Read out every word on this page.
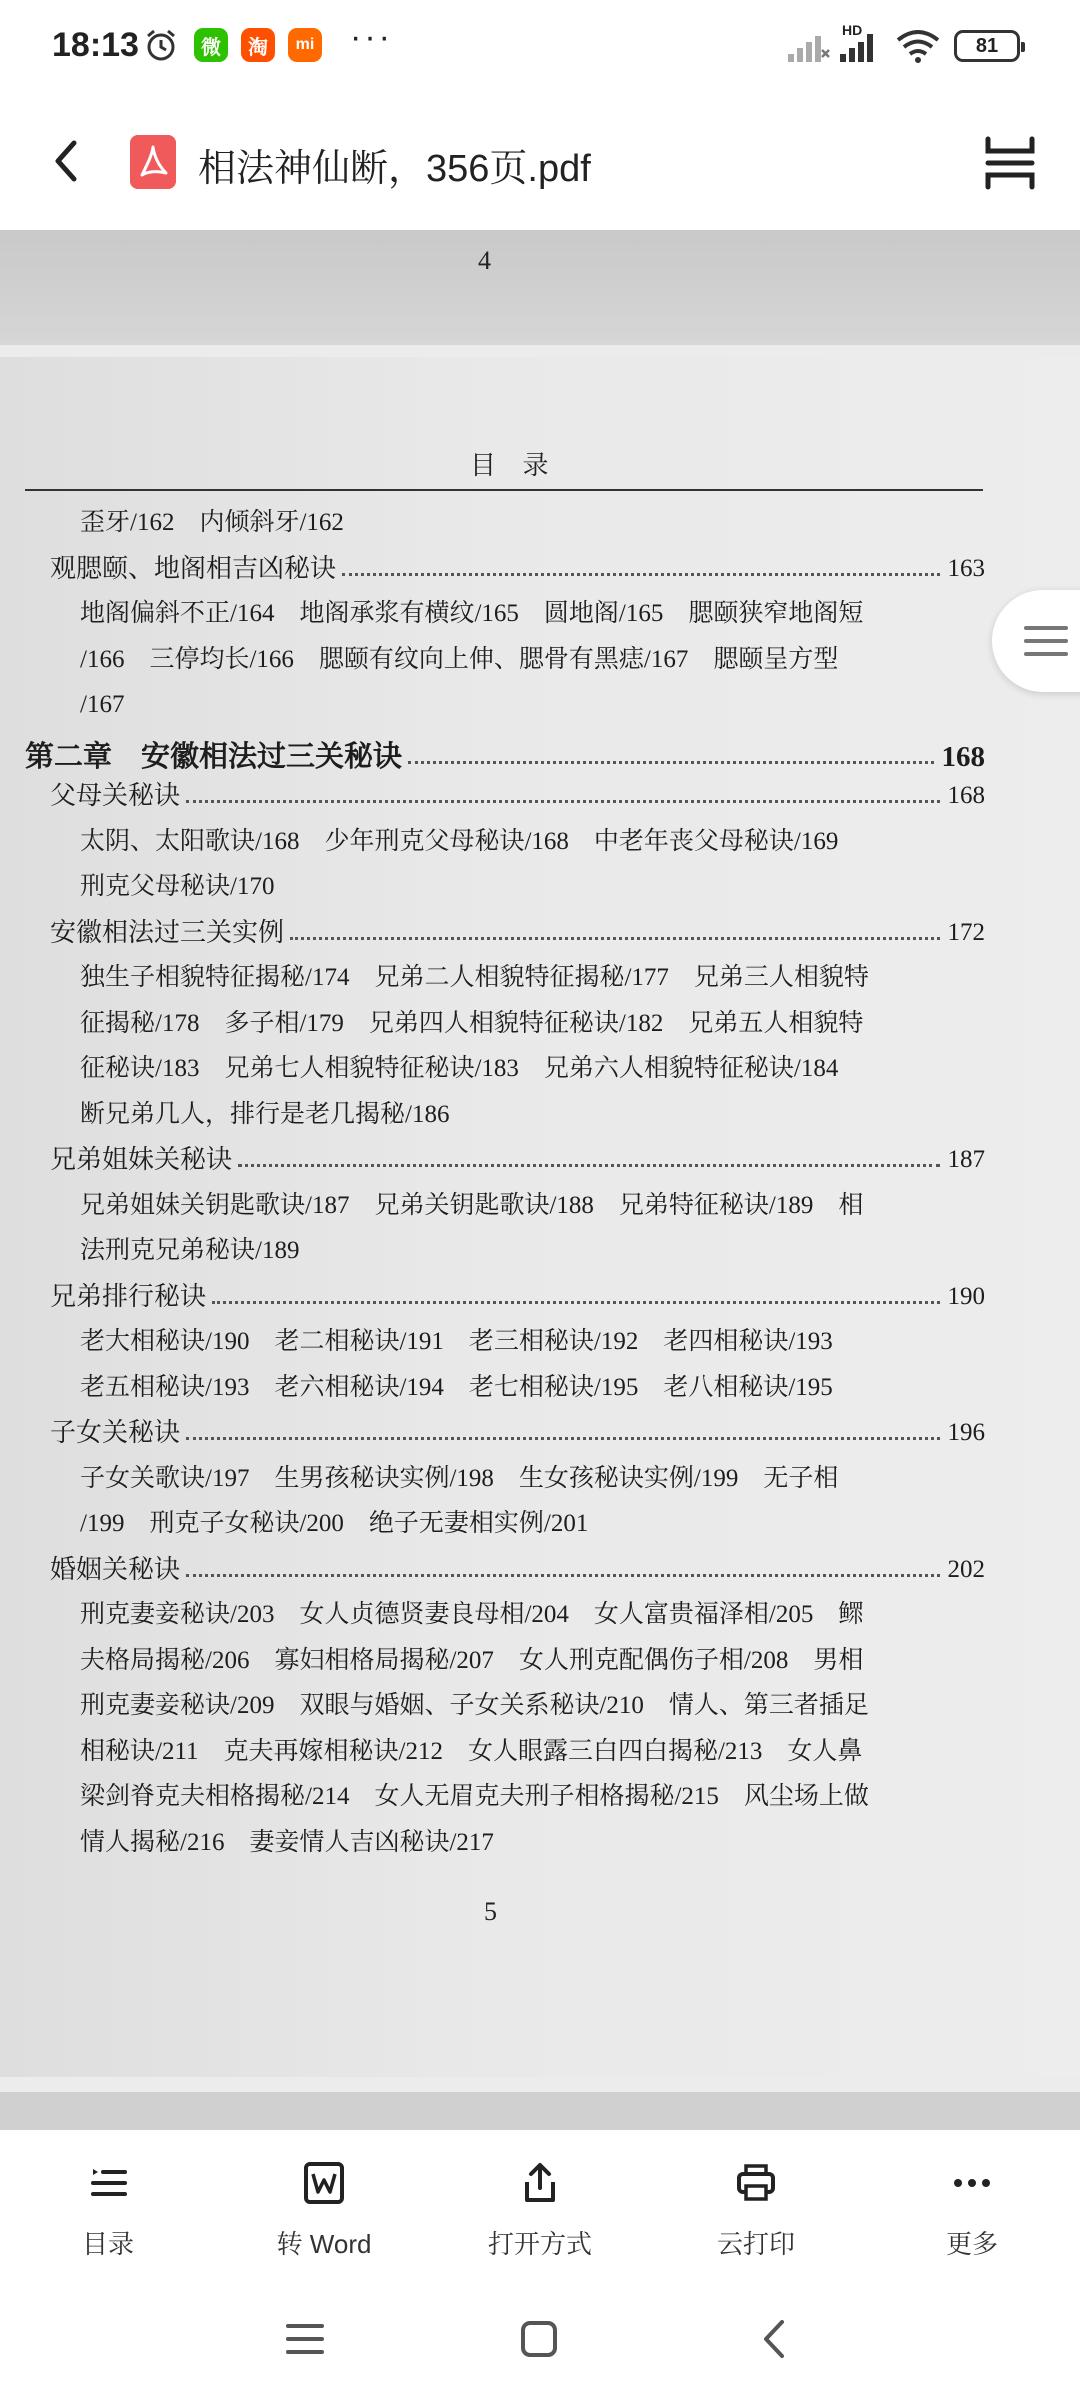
18:13	微	淘	mi ···	HD
81
相法神仙断，356页.pdf
4
目 录
歪牙/162　内倾斜牙/162
观腮颐、地阁相吉凶秘诀	163
地阁偏斜不正/164　地阁承浆有横纹/165　圆地阁/165　腮颐狭窄地阁短
/166　三停均长/166　腮颐有纹向上伸、腮骨有黑痣/167　腮颐呈方型
/167
第二章　安徽相法过三关秘诀	168
父母关秘诀	168
太阴、太阳歌诀/168　少年刑克父母秘诀/168　中老年丧父母秘诀/169
刑克父母秘诀/170
安徽相法过三关实例	172
独生子相貌特征揭秘/174　兄弟二人相貌特征揭秘/177　兄弟三人相貌特
征揭秘/178　多子相/179　兄弟四人相貌特征秘诀/182　兄弟五人相貌特
征秘诀/183　兄弟七人相貌特征秘诀/183　兄弟六人相貌特征秘诀/184
断兄弟几人，排行是老几揭秘/186
兄弟姐妹关秘诀	187
兄弟姐妹关钥匙歌诀/187　兄弟关钥匙歌诀/188　兄弟特征秘诀/189　相
法刑克兄弟秘诀/189
兄弟排行秘诀	190
老大相秘诀/190　老二相秘诀/191　老三相秘诀/192　老四相秘诀/193
老五相秘诀/193　老六相秘诀/194　老七相秘诀/195　老八相秘诀/195
子女关秘诀	196
子女关歌诀/197　生男孩秘诀实例/198　生女孩秘诀实例/199　无子相
/199　刑克子女秘诀/200　绝子无妻相实例/201
婚姻关秘诀	202
刑克妻妾秘诀/203　女人贞德贤妻良母相/204　女人富贵福泽相/205　鳏
夫格局揭秘/206　寡妇相格局揭秘/207　女人刑克配偶伤子相/208　男相
刑克妻妾秘诀/209　双眼与婚姻、子女关系秘诀/210　情人、第三者插足
相秘诀/211　克夫再嫁相秘诀/212　女人眼露三白四白揭秘/213　女人鼻
梁剑脊克夫相格揭秘/214　女人无眉克夫刑子相格揭秘/215　风尘场上做
情人揭秘/216　妻妾情人吉凶秘诀/217
5
目录	转 Word	打开方式	云打印	更多
